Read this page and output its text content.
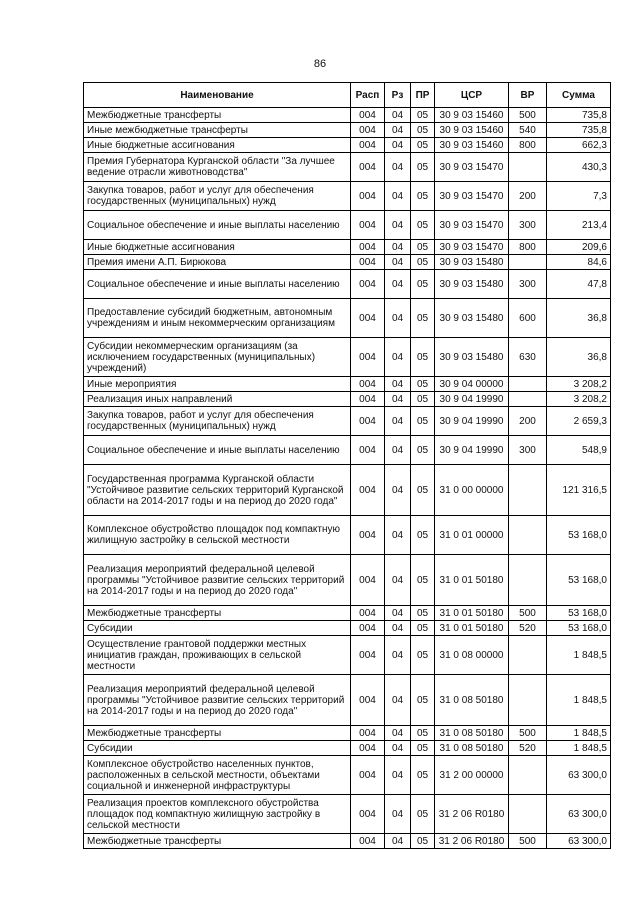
86
Наименование	Расп	Рз	ПР	ЦСР	ВР	Сумма
Межбюджетные трансферты	004	04	05	30 9 03 15460	500	735,8
Иные межбюджетные трансферты	004	04	05	30 9 03 15460	540	735,8
Иные бюджетные ассигнования	004	04	05	30 9 03 15460	800	662,3
Премия Губернатора Курганской области "За лучшее ведение отрасли животноводства"	004	04	05	30 9 03 15470		430,3
Закупка товаров, работ и услуг для обеспечения государственных (муниципальных) нужд	004	04	05	30 9 03 15470	200	7,3
Социальное обеспечение и иные выплаты населению	004	04	05	30 9 03 15470	300	213,4
Иные бюджетные ассигнования	004	04	05	30 9 03 15470	800	209,6
Премия имени А.П. Бирюкова	004	04	05	30 9 03 15480		84,6
Социальное обеспечение и иные выплаты населению	004	04	05	30 9 03 15480	300	47,8
Предоставление субсидий бюджетным, автономным учреждениям и иным некоммерческим организациям	004	04	05	30 9 03 15480	600	36,8
Субсидии некоммерческим организациям (за исключением государственных (муниципальных) учреждений)	004	04	05	30 9 03 15480	630	36,8
Иные мероприятия	004	04	05	30 9 04 00000		3 208,2
Реализация иных направлений	004	04	05	30 9 04 19990		3 208,2
Закупка товаров, работ и услуг для обеспечения государственных (муниципальных) нужд	004	04	05	30 9 04 19990	200	2 659,3
Социальное обеспечение и иные выплаты населению	004	04	05	30 9 04 19990	300	548,9
Государственная программа Курганской области "Устойчивое развитие сельских территорий Курганской области на 2014-2017 годы и на период до 2020 года"	004	04	05	31 0 00 00000		121 316,5
Комплексное обустройство площадок под компактную жилищную застройку в сельской местности	004	04	05	31 0 01 00000		53 168,0
Реализация мероприятий федеральной целевой программы "Устойчивое развитие сельских территорий на 2014-2017 годы и на период до 2020 года"	004	04	05	31 0 01 50180		53 168,0
Межбюджетные трансферты	004	04	05	31 0 01 50180	500	53 168,0
Субсидии	004	04	05	31 0 01 50180	520	53 168,0
Осуществление грантовой поддержки местных инициатив граждан, проживающих в сельской местности	004	04	05	31 0 08 00000		1 848,5
Реализация мероприятий федеральной целевой программы "Устойчивое развитие сельских территорий на 2014-2017 годы и на период до 2020 года"	004	04	05	31 0 08 50180		1 848,5
Межбюджетные трансферты	004	04	05	31 0 08 50180	500	1 848,5
Субсидии	004	04	05	31 0 08 50180	520	1 848,5
Комплексное обустройство населенных пунктов, расположенных в сельской местности, объектами социальной и инженерной инфраструктуры	004	04	05	31 2 00 00000		63 300,0
Реализация проектов комплексного обустройства площадок под компактную жилищную застройку в сельской местности	004	04	05	31 2 06 R0180		63 300,0
Межбюджетные трансферты	004	04	05	31 2 06 R0180	500	63 300,0
